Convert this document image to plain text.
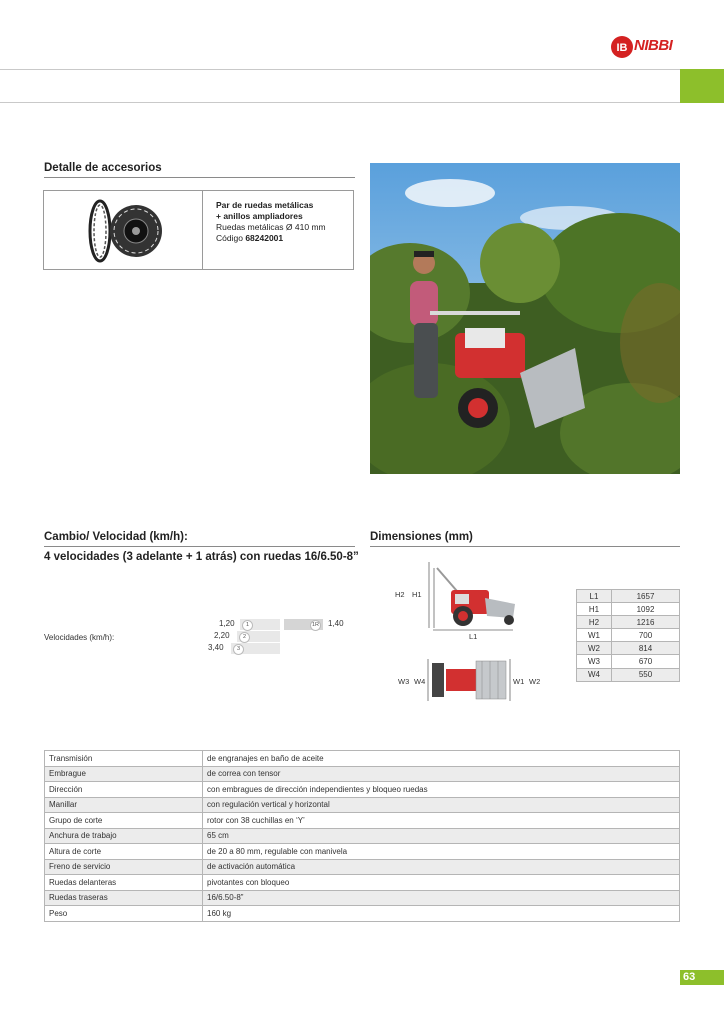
IB NIBBI
Detalle de accesorios
Par de ruedas metálicas
+ anillos ampliadores
Ruedas metálicas Ø 410 mm
Código 68242001
Cambio/ Velocidad (km/h):
4 velocidades (3 adelante + 1 atrás) con ruedas 16/6.50-8”
Velocidades (km/h):
1,20	1
2,20	2
3,40	3
1R 1,40
Dimensiones (mm)
H2 H1
L1
W3 W4	W1 W2
L1	1657
H1	1092
H2	1216
W1	700
W2	814
W3	670
W4	550
Transmisión	de engranajes en baño de aceite
Embrague	de correa con tensor
Dirección	con embragues de dirección independientes y bloqueo ruedas
Manillar	con regulación vertical y horizontal
Grupo de corte	rotor con 38 cuchillas en ‘Y’
Anchura de trabajo	65 cm
Altura de corte	de 20 a 80 mm, regulable con manivela
Freno de servicio	de activación automática
Ruedas delanteras	pivotantes con bloqueo
Ruedas traseras	16/6.50-8”
Peso	160 kg
63
